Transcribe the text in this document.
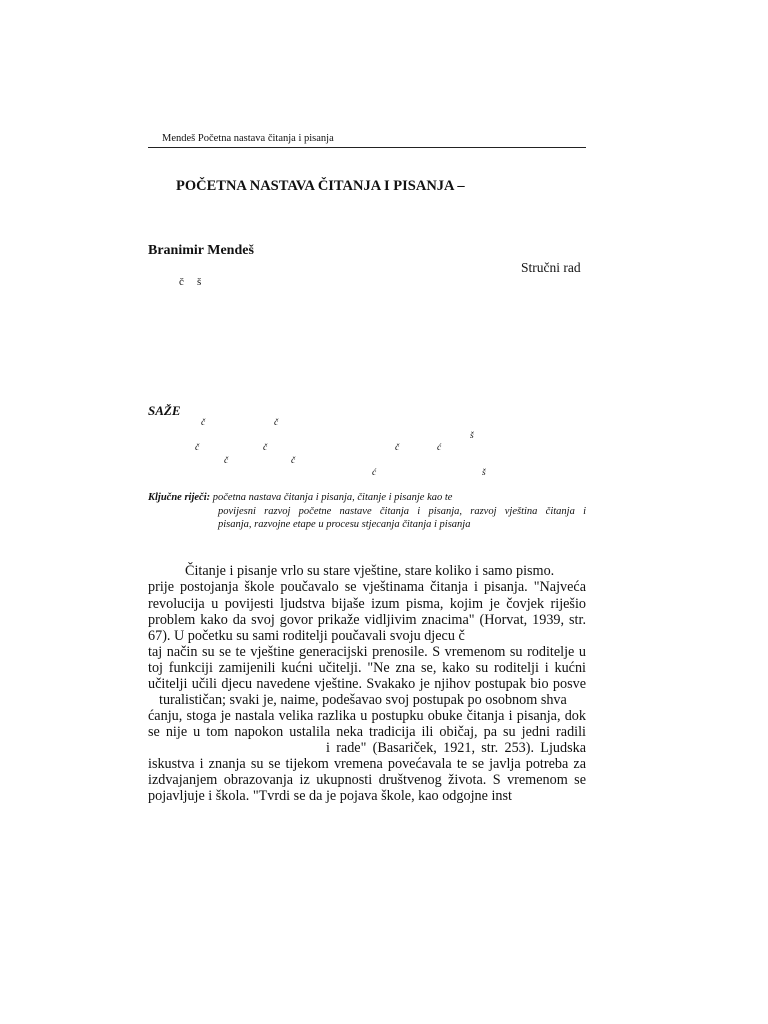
Mendeš Početna nastava čitanja i pisanja
POČETNA NASTAVA ČITANJA I PISANJA –
Branimir Mendeš
Stručni rad
č š
SAŽE
č	č
š
č	č	č	ć
č	č
ć	š
Ključne riječi: početna nastava čitanja i pisanja, čitanje i pisanje kao te
povijesni razvoj početne nastave čitanja i pisanja, razvoj vještina čitanja i
pisanja, razvojne etape u procesu stjecanja čitanja i pisanja
Čitanje i pisanje vrlo su stare vještine, stare koliko i samo pismo.
prije postojanja škole poučavalo se vještinama čitanja i pisanja. "Najveća
revolucija u povijesti ljudstva bijaše izum pisma, kojim je čovjek riješio
problem kako da svoj govor prikaže vidljivim znacima" (Horvat, 1939, str.
67). U početku su sami roditelji poučavali svoju djecu č
taj način su se te vještine generacijski prenosile. S vremenom su roditelje u
toj funkciji zamijenili kućni učitelji. "Ne zna se, kako su roditelji i kućni
učitelji učili djecu navedene vještine. Svakako je njihov postupak bio posve
turalističan; svaki je, naime, podešavao svoj postupak po osobnom shva
ćanju, stoga je nastala velika razlika u postupku obuke čitanja i pisanja, dok
se nije u tom napokon ustalila neka tradicija ili običaj, pa su jedni radili
i rade" (Basariček, 1921, str. 253). Ljudska
iskustva i znanja su se tijekom vremena povećavala te se javlja potreba za
izdvajanjem obrazovanja iz ukupnosti društvenog života. S vremenom se
pojavljuje i škola. "Tvrdi se da je pojava škole, kao odgojne inst
